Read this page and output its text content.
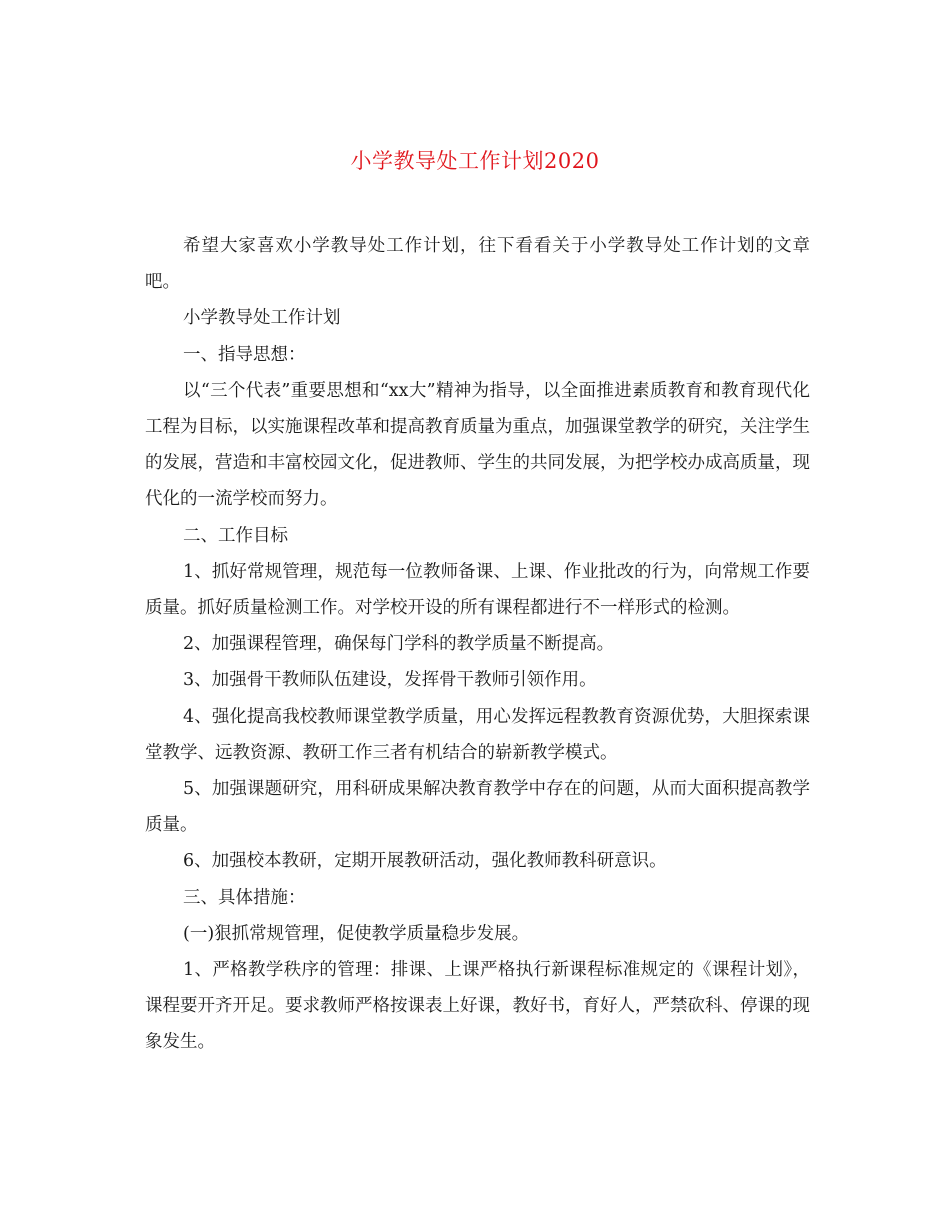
小学教导处工作计划2020

希望大家喜欢小学教导处工作计划，往下看看关于小学教导处工作计划的文章吧。

小学教导处工作计划

一、指导思想：

以“三个代表”重要思想和“xx大”精神为指导，以全面推进素质教育和教育现代化工程为目标，以实施课程改革和提高教育质量为重点，加强课堂教学的研究，关注学生的发展，营造和丰富校园文化，促进教师、学生的共同发展，为把学校办成高质量，现代化的一流学校而努力。

二、工作目标

1、抓好常规管理，规范每一位教师备课、上课、作业批改的行为，向常规工作要质量。抓好质量检测工作。对学校开设的所有课程都进行不一样形式的检测。

2、加强课程管理，确保每门学科的教学质量不断提高。

3、加强骨干教师队伍建设，发挥骨干教师引领作用。

4、强化提高我校教师课堂教学质量，用心发挥远程教教育资源优势，大胆探索课堂教学、远教资源、教研工作三者有机结合的崭新教学模式。

5、加强课题研究，用科研成果解决教育教学中存在的问题，从而大面积提高教学质量。

6、加强校本教研，定期开展教研活动，强化教师教科研意识。

三、具体措施：

(一)狠抓常规管理，促使教学质量稳步发展。

1、严格教学秩序的管理：排课、上课严格执行新课程标准规定的《课程计划》，课程要开齐开足。要求教师严格按课表上好课，教好书，育好人，严禁砍科、停课的现象发生。
